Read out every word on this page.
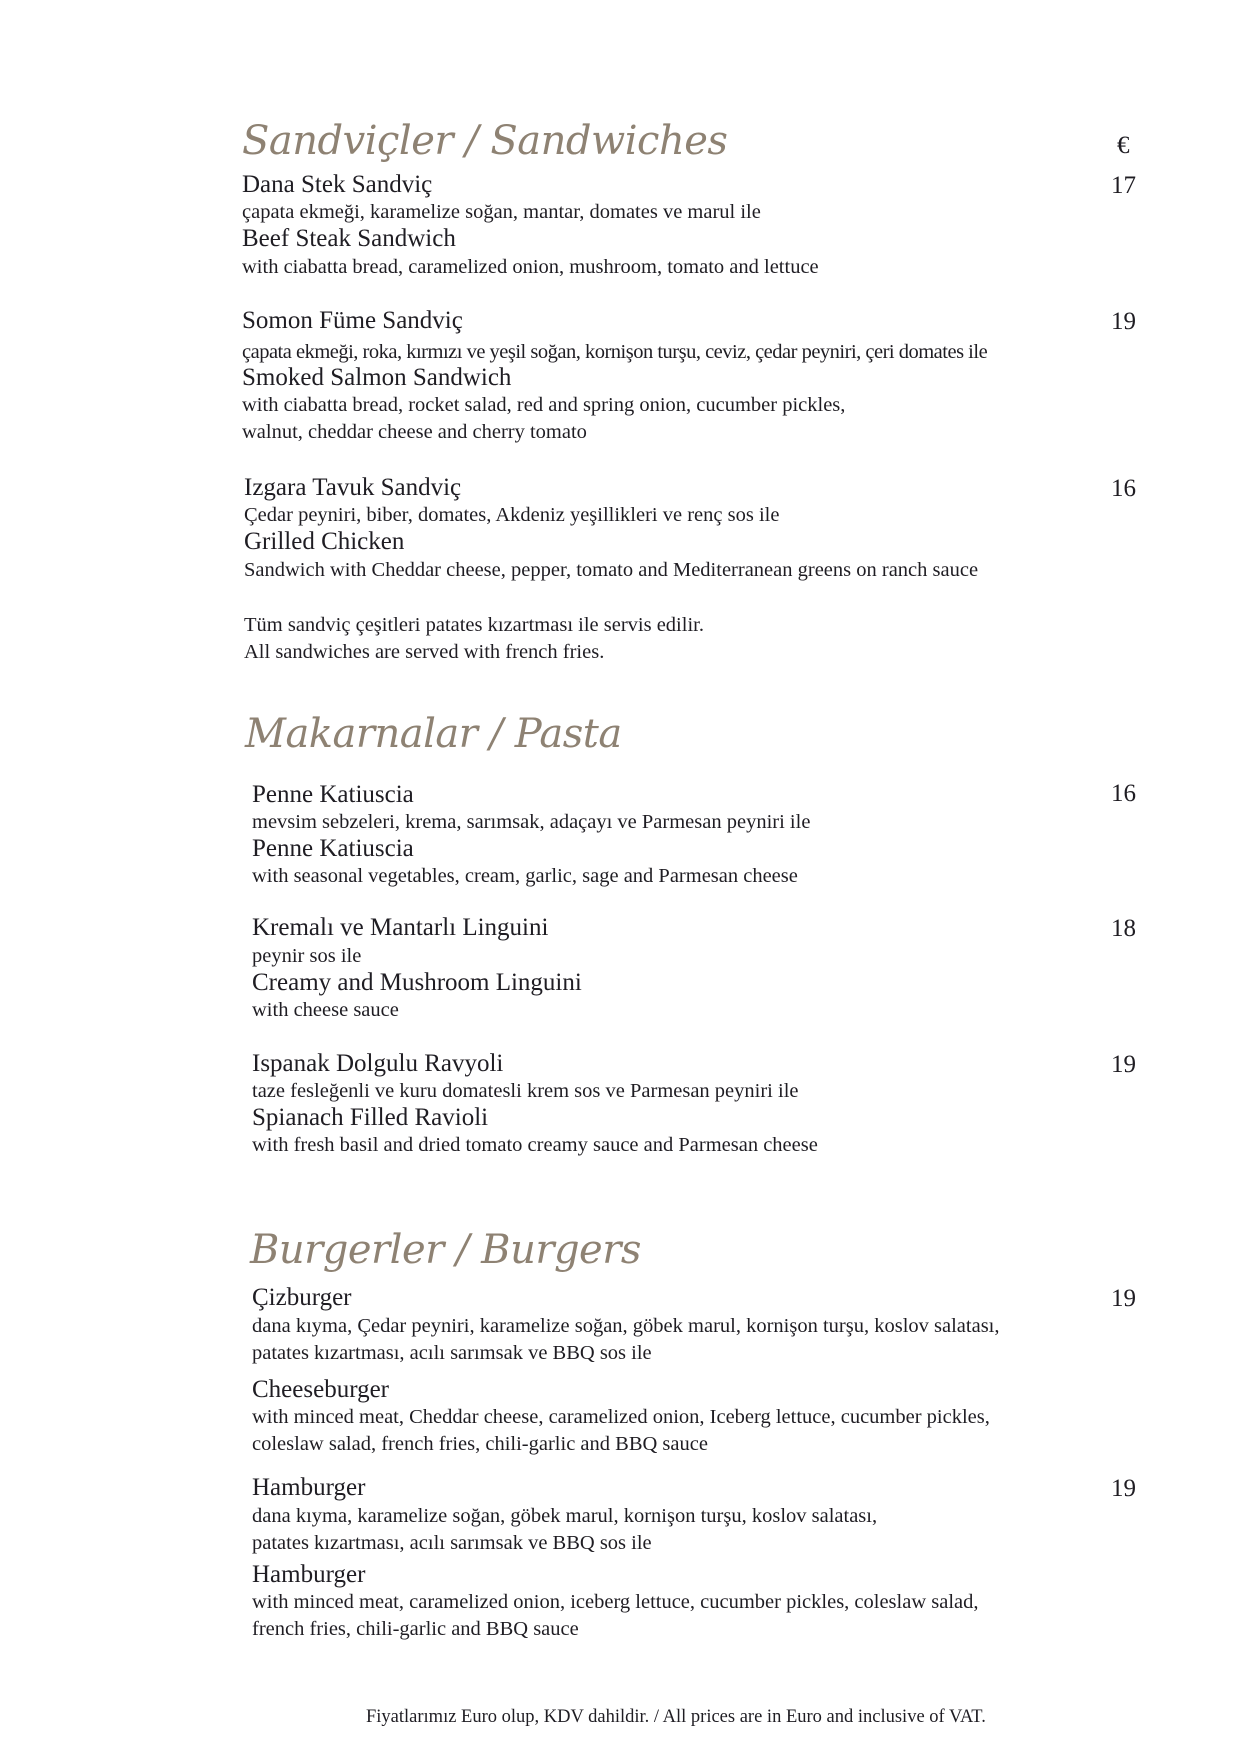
Sandviçler / Sandwiches	€
Dana Stek Sandviç	17
çapata ekmeği, karamelize soğan, mantar, domates ve marul ile
Beef Steak Sandwich
with ciabatta bread, caramelized onion, mushroom, tomato and lettuce
Somon Füme Sandviç	19
çapata ekmeği, roka, kırmızı ve yeşil soğan, kornişon turşu, ceviz, çedar peyniri, çeri domates ile
Smoked Salmon Sandwich
with ciabatta bread, rocket salad, red and spring onion, cucumber pickles,
walnut, cheddar cheese and cherry tomato
Izgara Tavuk Sandviç	16
Çedar peyniri, biber, domates, Akdeniz yeşillikleri ve renç sos ile
Grilled Chicken
Sandwich with Cheddar cheese, pepper, tomato and Mediterranean greens on ranch sauce
Tüm sandviç çeşitleri patates kızartması ile servis edilir.
All sandwiches are served with french fries.
Makarnalar / Pasta
Penne Katiuscia	16
mevsim sebzeleri, krema, sarımsak, adaçayı ve Parmesan peyniri ile
Penne Katiuscia
with seasonal vegetables, cream, garlic, sage and Parmesan cheese
Kremalı ve Mantarlı Linguini	18
peynir sos ile
Creamy and Mushroom Linguini
with cheese sauce
Ispanak Dolgulu Ravyoli	19
taze fesleğenli ve kuru domatesli krem sos ve Parmesan peyniri ile
Spianach Filled Ravioli
with fresh basil and dried tomato creamy sauce and Parmesan cheese
Burgerler / Burgers
Çizburger	19
dana kıyma, Çedar peyniri, karamelize soğan, göbek marul, kornişon turşu, koslov salatası,
patates kızartması, acılı sarımsak ve BBQ sos ile
Cheeseburger
with minced meat, Cheddar cheese, caramelized onion, Iceberg lettuce, cucumber pickles,
coleslaw salad, french fries, chili-garlic and BBQ sauce
Hamburger	19
dana kıyma, karamelize soğan, göbek marul, kornişon turşu, koslov salatası,
patates kızartması, acılı sarımsak ve BBQ sos ile
Hamburger
with minced meat, caramelized onion, iceberg lettuce, cucumber pickles, coleslaw salad,
french fries, chili-garlic and BBQ sauce
Fiyatlarımız Euro olup, KDV dahildir. / All prices are in Euro and inclusive of VAT.
